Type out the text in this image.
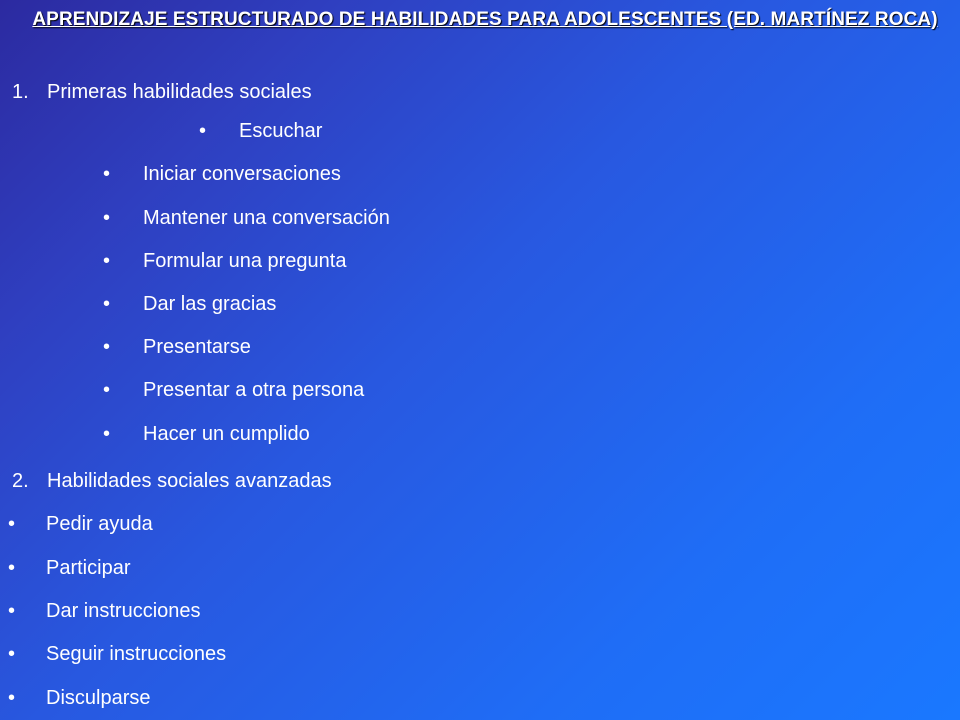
APRENDIZAJE ESTRUCTURADO DE HABILIDADES PARA ADOLESCENTES (ED. MARTÍNEZ ROCA)
1. Primeras habilidades sociales
• Escuchar
• Iniciar conversaciones
• Mantener una conversación
• Formular una pregunta
• Dar las gracias
• Presentarse
• Presentar a otra persona
• Hacer un cumplido
2. Habilidades sociales avanzadas
• Pedir ayuda
• Participar
• Dar instrucciones
• Seguir instrucciones
• Disculparse
